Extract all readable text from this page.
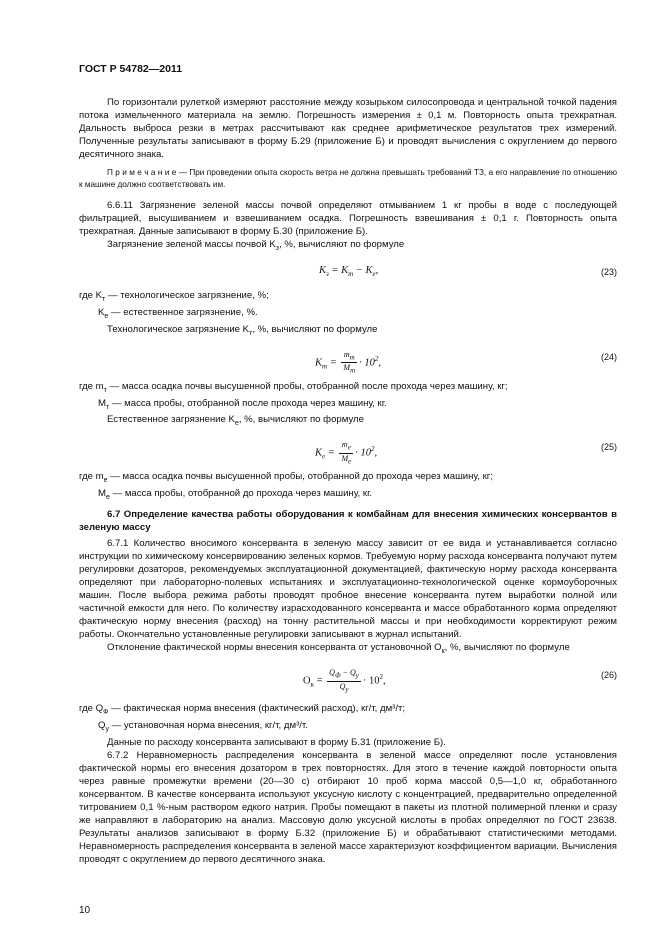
ГОСТ Р 54782—2011

По горизонтали рулеткой измеряют расстояние между козырьком силосопровода и центральной точкой падения потока измельченного материала на землю. Погрешность измерения ± 0,1 м. Повторность опыта трехкратная. Дальность выброса резки в метрах рассчитывают как среднее арифметическое результатов трех измерений. Полученные результаты записывают в форму Б.29 (приложение Б) и проводят вычисления с округлением до первого десятичного знака.

П р и м е ч а н и е — При проведении опыта скорость ветра не должна превышать требований ТЗ, а его направление по отношению к машине должно соответствовать им.

6.6.11 Загрязнение зеленой массы почвой определяют отмыванием 1 кг пробы в воде с последующей фильтрацией, высушиванием и взвешиванием осадка. Погрешность взвешивания ± 0,1 г. Повторность опыта трехкратная. Данные записывают в форму Б.30 (приложение Б).

Загрязнение зеленой массы почвой $K_з$, %, вычисляют по формуле

$K_з = K_т - K_е$,	(23)
где $K_т$ — технологическое загрязнение, %;
$K_е$ — естественное загрязнение, %.

Технологическое загрязнение $K_т$, %, вычисляют по формуле

$K_т = \frac{m_т}{M_т} \cdot 10^2$,
(24)
где $m_т$ — масса осадка почвы высушенной пробы, отобранной после прохода через машину, кг;
$M_т$ — масса пробы, отобранной после прохода через машину, кг.

Естественное загрязнение $K_е$, %, вычисляют по формуле

$K_е = \frac{m_е}{M_е} \cdot 10^2$,
(25)
где $m_е$ — масса осадка почвы высушенной пробы, отобранной до прохода через машину, кг;
$M_е$ — масса пробы, отобранной до прохода через машину, кг.

6.7 Определение качества работы оборудования к комбайнам для внесения химических консервантов в зеленую массу

6.7.1 Количество вносимого консерванта в зеленую массу зависит от ее вида и устанавливается согласно инструкции по химическому консервированию зеленых кормов. Требуемую норму расхода консерванта получают путем регулировки дозаторов, рекомендуемых эксплуатационной документацией, фактическую норму расхода консерванта определяют при лабораторно-полевых испытаниях и эксплуатационно-технологической оценке кормоуборочных машин. После выбора режима работы проводят пробное внесение консерванта путем выработки полной или частичной емкости для него. По количеству израсходованного консерванта и массе обработанного корма определяют фактическую норму внесения (расход) на тонну растительной массы и при необходимости корректируют режим работы. Окончательно установленные регулировки записывают в журнал испытаний.

Отклонение фактической нормы внесения консерванта от установочной $О_к$, %, вычисляют по формуле

$О_к = \frac{Q_Ф - Q_у}{Q_у} \cdot 10^2$,
(26)
где $Q_Ф$ — фактическая норма внесения (фактический расход), кг/т, дм³/т;
$Q_у$ — установочная норма внесения, кг/т, дм³/т.

Данные по расходу консерванта записывают в форму Б.31 (приложение Б).

6.7.2 Неравномерность распределения консерванта в зеленой массе определяют после установления фактической нормы его внесения дозатором в трех повторностях. Для этого в течение каждой повторности опыта через равные промежутки времени (20—30 с) отбирают 10 проб корма массой 0,5—1,0 кг, обработанного консервантом. В качестве консерванта используют уксусную кислоту с концентрацией, предварительно определенной титрованием 0,1 %-ным раствором едкого натрия. Пробы помещают в пакеты из плотной полимерной пленки и сразу же направляют в лабораторию на анализ. Массовую долю уксусной кислоты в пробах определяют по ГОСТ 23638. Результаты анализов записывают в форму Б.32 (приложение Б) и обрабатывают статистическими методами. Неравномерность распределения консерванта в зеленой массе характеризуют коэффициентом вариации. Вычисления проводят с округлением до первого десятичного знака.

10
